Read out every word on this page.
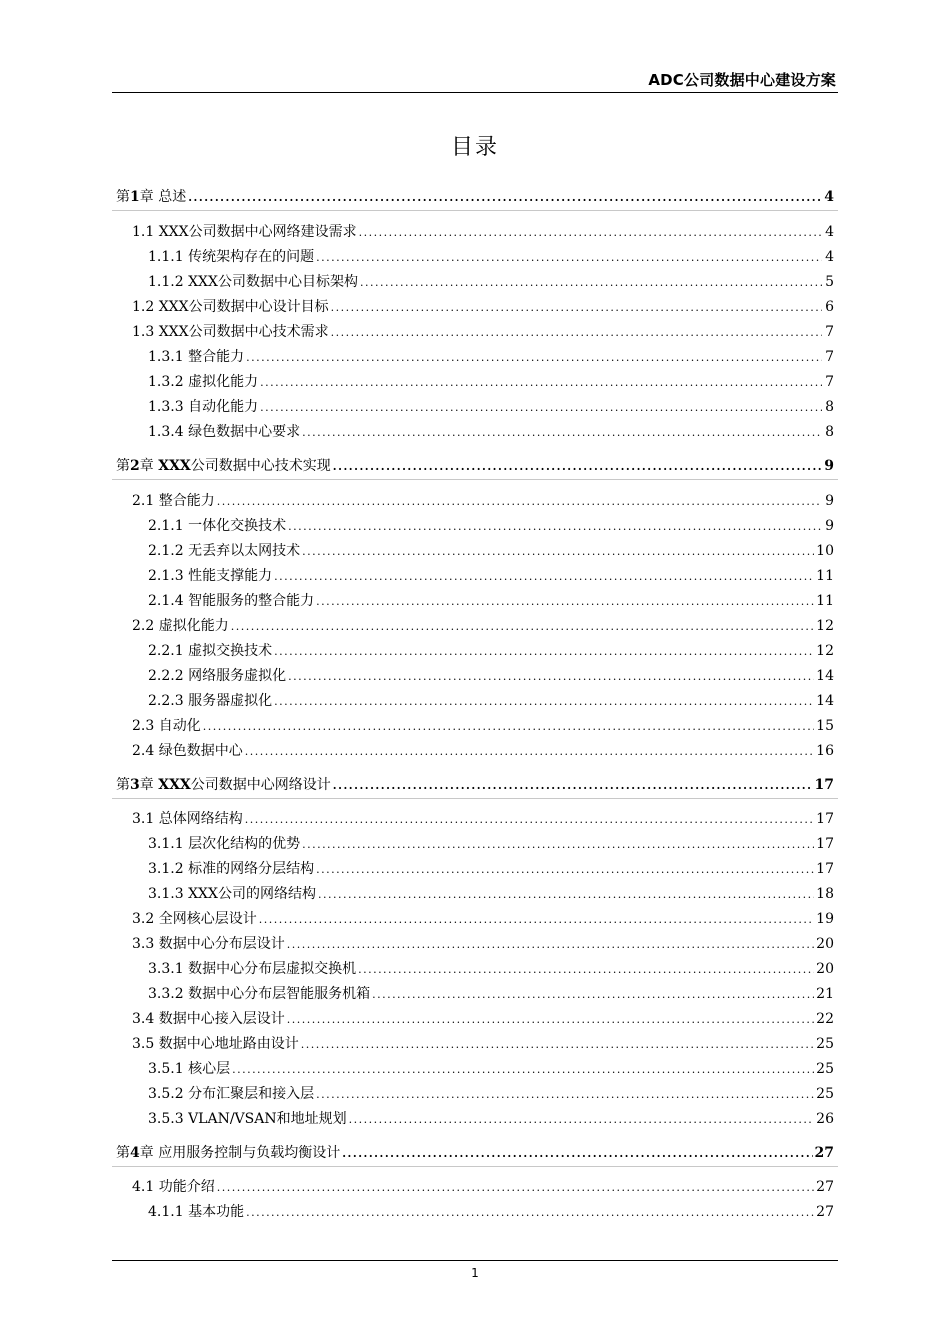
ADC公司数据中心建设方案
目录
第1章 总述 .....	4
1.1 XXX公司数据中心网络建设需求 .....	4
1.1.1 传统架构存在的问题 .....	4
1.1.2 XXX公司数据中心目标架构 .....	5
1.2 XXX公司数据中心设计目标 .....	6
1.3 XXX公司数据中心技术需求 .....	7
1.3.1 整合能力 .....	7
1.3.2 虚拟化能力 .....	7
1.3.3 自动化能力 .....	8
1.3.4 绿色数据中心要求 .....	8
第2章 XXX公司数据中心技术实现 .....	9
2.1 整合能力 .....	9
2.1.1 一体化交换技术 .....	9
2.1.2 无丢弃以太网技术 .....	10
2.1.3 性能支撑能力 .....	11
2.1.4 智能服务的整合能力 .....	11
2.2 虚拟化能力 .....	12
2.2.1 虚拟交换技术 .....	12
2.2.2 网络服务虚拟化 .....	14
2.2.3 服务器虚拟化 .....	14
2.3 自动化 .....	15
2.4 绿色数据中心 .....	16
第3章 XXX公司数据中心网络设计 .....	17
3.1 总体网络结构 .....	17
3.1.1 层次化结构的优势 .....	17
3.1.2 标准的网络分层结构 .....	17
3.1.3 XXX公司的网络结构 .....	18
3.2 全网核心层设计 .....	19
3.3 数据中心分布层设计 .....	20
3.3.1 数据中心分布层虚拟交换机 .....	20
3.3.2 数据中心分布层智能服务机箱 .....	21
3.4 数据中心接入层设计 .....	22
3.5 数据中心地址路由设计 .....	25
3.5.1 核心层 .....	25
3.5.2 分布汇聚层和接入层 .....	25
3.5.3 VLAN/VSAN和地址规划 .....	26
第4章 应用服务控制与负载均衡设计 .....	27
4.1 功能介绍 .....	27
4.1.1 基本功能 .....	27
1
